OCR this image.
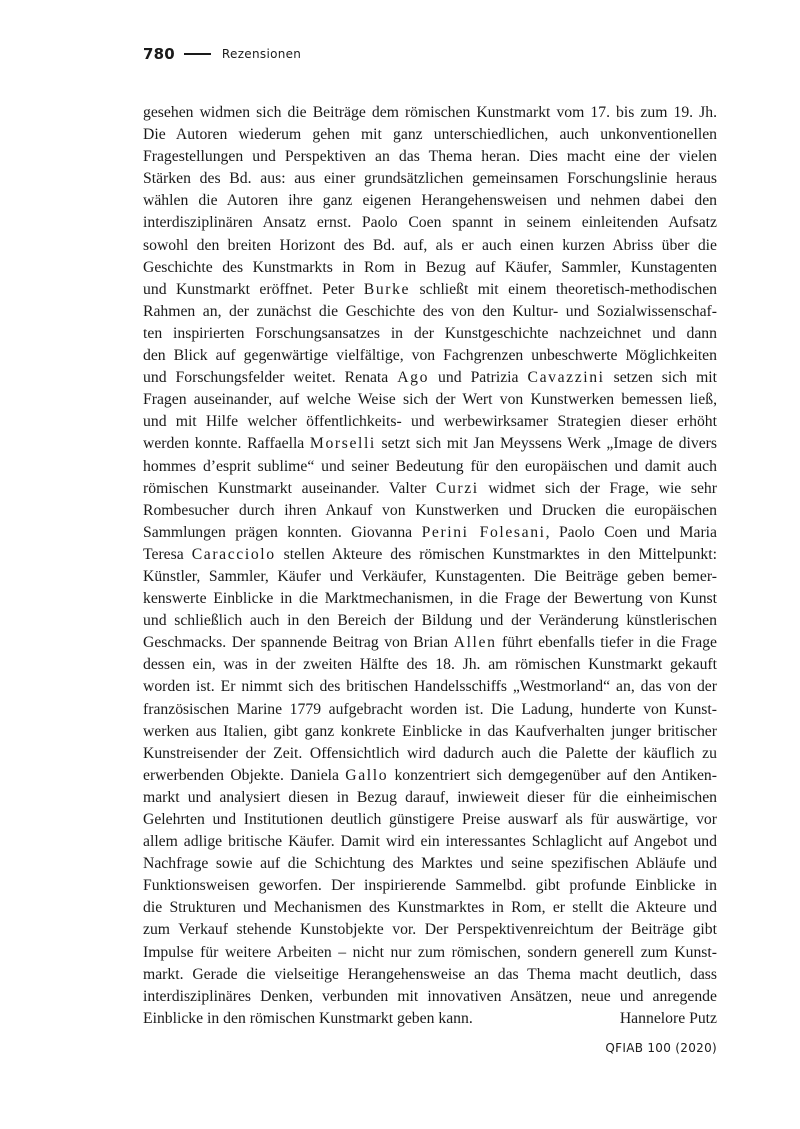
780	Rezensionen
gesehen widmen sich die Beiträge dem römischen Kunstmarkt vom 17. bis zum 19. Jh.
Die Autoren wiederum gehen mit ganz unterschiedlichen, auch unkonventionellen
Fragestellungen und Perspektiven an das Thema heran. Dies macht eine der vielen
Stärken des Bd. aus: aus einer grundsätzlichen gemeinsamen Forschungslinie heraus
wählen die Autoren ihre ganz eigenen Herangehensweisen und nehmen dabei den
interdisziplinären Ansatz ernst. Paolo Coen spannt in seinem einleitenden Aufsatz
sowohl den breiten Horizont des Bd. auf, als er auch einen kurzen Abriss über die
Geschichte des Kunstmarkts in Rom in Bezug auf Käufer, Sammler, Kunstagenten
und Kunstmarkt eröffnet. Peter Burke schließt mit einem theoretisch-methodischen
Rahmen an, der zunächst die Geschichte des von den Kultur- und Sozialwissenschaf-
ten inspirierten Forschungsansatzes in der Kunstgeschichte nachzeichnet und dann
den Blick auf gegenwärtige vielfältige, von Fachgrenzen unbeschwerte Möglichkeiten
und Forschungsfelder weitet. Renata Ago und Patrizia Cavazzini setzen sich mit
Fragen auseinander, auf welche Weise sich der Wert von Kunstwerken bemessen ließ,
und mit Hilfe welcher öffentlichkeits- und werbewirksamer Strategien dieser erhöht
werden konnte. Raffaella Morselli setzt sich mit Jan Meyssens Werk „Image de divers
hommes d’esprit sublime“ und seiner Bedeutung für den europäischen und damit auch
römischen Kunstmarkt auseinander. Valter Curzi widmet sich der Frage, wie sehr
Rombesucher durch ihren Ankauf von Kunstwerken und Drucken die europäischen
Sammlungen prägen konnten. Giovanna Perini Folesani, Paolo Coen und Maria
Teresa Caracciolo stellen Akteure des römischen Kunstmarktes in den Mittelpunkt:
Künstler, Sammler, Käufer und Verkäufer, Kunstagenten. Die Beiträge geben bemer-
kenswerte Einblicke in die Marktmechanismen, in die Frage der Bewertung von Kunst
und schließlich auch in den Bereich der Bildung und der Veränderung künstlerischen
Geschmacks. Der spannende Beitrag von Brian Allen führt ebenfalls tiefer in die Frage
dessen ein, was in der zweiten Hälfte des 18. Jh. am römischen Kunstmarkt gekauft
worden ist. Er nimmt sich des britischen Handelsschiffs „Westmorland“ an, das von der
französischen Marine 1779 aufgebracht worden ist. Die Ladung, hunderte von Kunst-
werken aus Italien, gibt ganz konkrete Einblicke in das Kaufverhalten junger britischer
Kunstreisender der Zeit. Offensichtlich wird dadurch auch die Palette der käuflich zu
erwerbenden Objekte. Daniela Gallo konzentriert sich demgegenüber auf den Antiken-
markt und analysiert diesen in Bezug darauf, inwieweit dieser für die einheimischen
Gelehrten und Institutionen deutlich günstigere Preise auswarf als für auswärtige, vor
allem adlige britische Käufer. Damit wird ein interessantes Schlaglicht auf Angebot und
Nachfrage sowie auf die Schichtung des Marktes und seine spezifischen Abläufe und
Funktionsweisen geworfen. Der inspirierende Sammelbd. gibt profunde Einblicke in
die Strukturen und Mechanismen des Kunstmarktes in Rom, er stellt die Akteure und
zum Verkauf stehende Kunstobjekte vor. Der Perspektivenreichtum der Beiträge gibt
Impulse für weitere Arbeiten – nicht nur zum römischen, sondern generell zum Kunst-
markt. Gerade die vielseitige Herangehensweise an das Thema macht deutlich, dass
interdisziplinäres Denken, verbunden mit innovativen Ansätzen, neue und anregende
Einblicke in den römischen Kunstmarkt geben kann.	Hannelore Putz
QFIAB 100 (2020)
